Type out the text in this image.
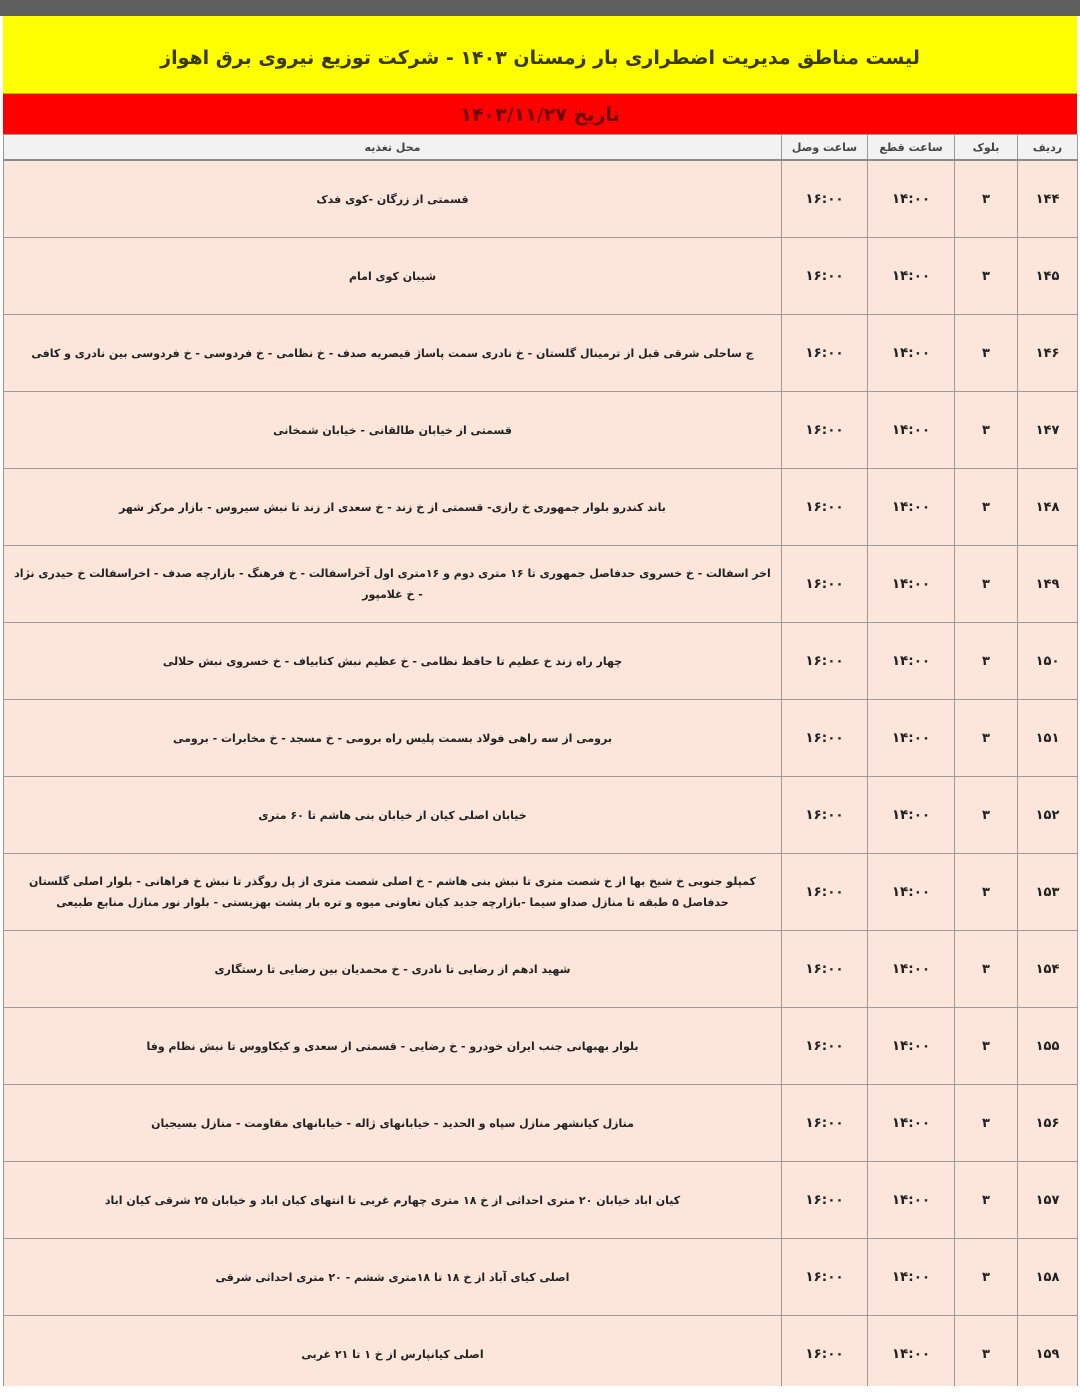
لیست مناطق مدیریت اضطراری بار زمستان ۱۴۰۳ - شرکت توزیع نیروی برق اهواز
تاریخ ۱۴۰۳/۱۱/۲۷
ردیف	بلوک	ساعت قطع	ساعت وصل	محل تغذیه
۱۴۴	۳	۱۴:۰۰	۱۶:۰۰	قسمتی از زرگان -کوی فدک
۱۴۵	۳	۱۴:۰۰	۱۶:۰۰	شیبان کوی امام
۱۴۶	۳	۱۴:۰۰	۱۶:۰۰	ج ساحلی شرقی قبل از ترمینال گلستان - خ نادری سمت پاساژ قیصریه صدف - خ نظامی - خ فردوسی - خ فردوسی بین نادری و کافی
۱۴۷	۳	۱۴:۰۰	۱۶:۰۰	قسمتی از خیابان طالقانی - خیابان شمخانی
۱۴۸	۳	۱۴:۰۰	۱۶:۰۰	باند کندرو بلوار جمهوری خ رازی- قسمتی از خ زند - خ سعدی از زند تا نبش سیروس - بازار مرکز شهر
۱۴۹	۳	۱۴:۰۰	۱۶:۰۰	اخر اسفالت - خ خسروی حدفاصل جمهوری تا ۱۶ متری دوم و ۱۶متری اول آخراسفالت - خ فرهنگ - بازارچه صدف - اخراسفالت خ حیدری نژاد - خ غلامپور
۱۵۰	۳	۱۴:۰۰	۱۶:۰۰	چهار راه زند خ عظیم تا حافظ نظامی - خ عظیم نبش کتابیاف - خ خسروی نبش حلالی
۱۵۱	۳	۱۴:۰۰	۱۶:۰۰	برومی از سه راهی فولاد بسمت پلیس راه برومی - خ مسجد - خ مخابرات - برومی
۱۵۲	۳	۱۴:۰۰	۱۶:۰۰	خیابان اصلی کیان از خیابان بنی هاشم تا ۶۰ متری
۱۵۳	۳	۱۴:۰۰	۱۶:۰۰	کمپلو جنوبی خ شیخ بها از خ شصت متری تا نبش بنی هاشم - خ اصلی شصت متری از پل روگذر تا نبش خ فراهانی - بلوار اصلی گلستان حدفاصل ۵ طبقه تا منازل صداو سیما -بازارچه جدید کیان تعاونی میوه و تره بار پشت بهزیستی - بلوار نور منازل منابع طبیعی
۱۵۴	۳	۱۴:۰۰	۱۶:۰۰	شهید ادهم از رضایی تا نادری - خ محمدیان بین رضایی تا رستگاری
۱۵۵	۳	۱۴:۰۰	۱۶:۰۰	بلوار بهبهانی جنب ایران خودرو - خ رضایی - قسمتی از سعدی و کیکاووس تا نبش نظام وفا
۱۵۶	۳	۱۴:۰۰	۱۶:۰۰	منازل کیانشهر منازل سپاه و الحدید - خیابانهای ژاله - خیابانهای مقاومت - منازل بسیجیان
۱۵۷	۳	۱۴:۰۰	۱۶:۰۰	کیان اباد خیابان ۲۰ متری احداثی از خ ۱۸ متری چهارم غربی تا انتهای کیان اباد و خیابان ۲۵ شرقی کیان اباد
۱۵۸	۳	۱۴:۰۰	۱۶:۰۰	اصلی کیای آباد از خ ۱۸ تا ۱۸متری ششم - ۲۰ متری احداثی شرقی
۱۵۹	۳	۱۴:۰۰	۱۶:۰۰	اصلی کیانپارس از خ ۱ تا ۲۱ غربی
